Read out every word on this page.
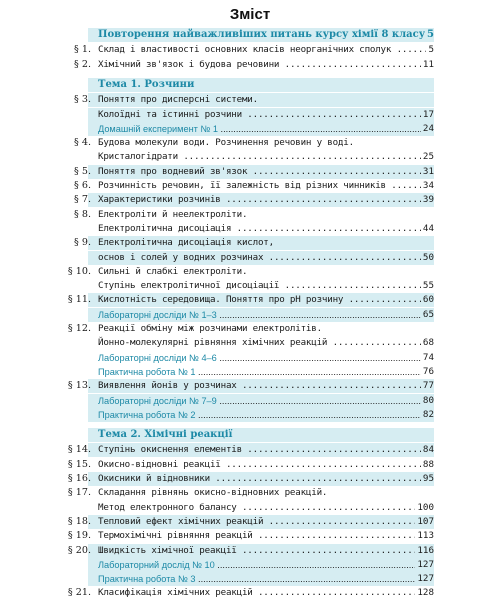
Зміст
Повторення найважливіших питань курсу хімії 8 класу ..... 5
§ 1. Склад і властивості основних класів неорганічних сполук .....	5
§ 2. Хімічний зв'язок і будова речовини .....	11
Тема 1. Розчини
§ 3. Поняття про дисперсні системи.
Колоїдні та істинні розчини .....	17
Домашній експеримент № 1 .....	24
§ 4. Будова молекули води. Розчинення речовин у воді.
Кристалогідрати .....	25
§ 5. Поняття про водневий зв'язок .....	31
§ 6. Розчинність речовин, її залежність від різних чинників .....	34
§ 7. Характеристики розчинів .....	39
§ 8. Електроліти й неелектроліти.
Електролітична дисоціація .....	44
§ 9. Електролітична дисоціація кислот,
основ і солей у водних розчинах .....	50
§ 10. Сильні й слабкі електроліти.
Ступінь електролітичної дисоціації .....	55
§ 11. Кислотність середовища. Поняття про pH розчину .....	60
Лабораторні досліди № 1–3 .....	65
§ 12. Реакції обміну між розчинами електролітів.
Йонно-молекулярні рівняння хімічних реакцій .....	68
Лабораторні досліди № 4–6 .....	74
Практична робота № 1 .....	76
§ 13. Виявлення йонів у розчинах .....	77
Лабораторні досліди № 7–9 .....	80
Практична робота № 2 .....	82
Тема 2. Хімічні реакції
§ 14. Ступінь окиснення елементів .....	84
§ 15. Окисно-відновні реакції .....	88
§ 16. Окисники й відновники .....	95
§ 17. Складання рівнянь окисно-відновних реакцій.
Метод електронного балансу .....	100
§ 18. Тепловий ефект хімічних реакцій .....	107
§ 19. Термохімічні рівняння реакцій .....	113
§ 20. Швидкість хімічної реакції .....	116
Лабораторний дослід № 10 .....	127
Практична робота № 3 .....	127
§ 21. Класифікація хімічних реакцій .....	128
